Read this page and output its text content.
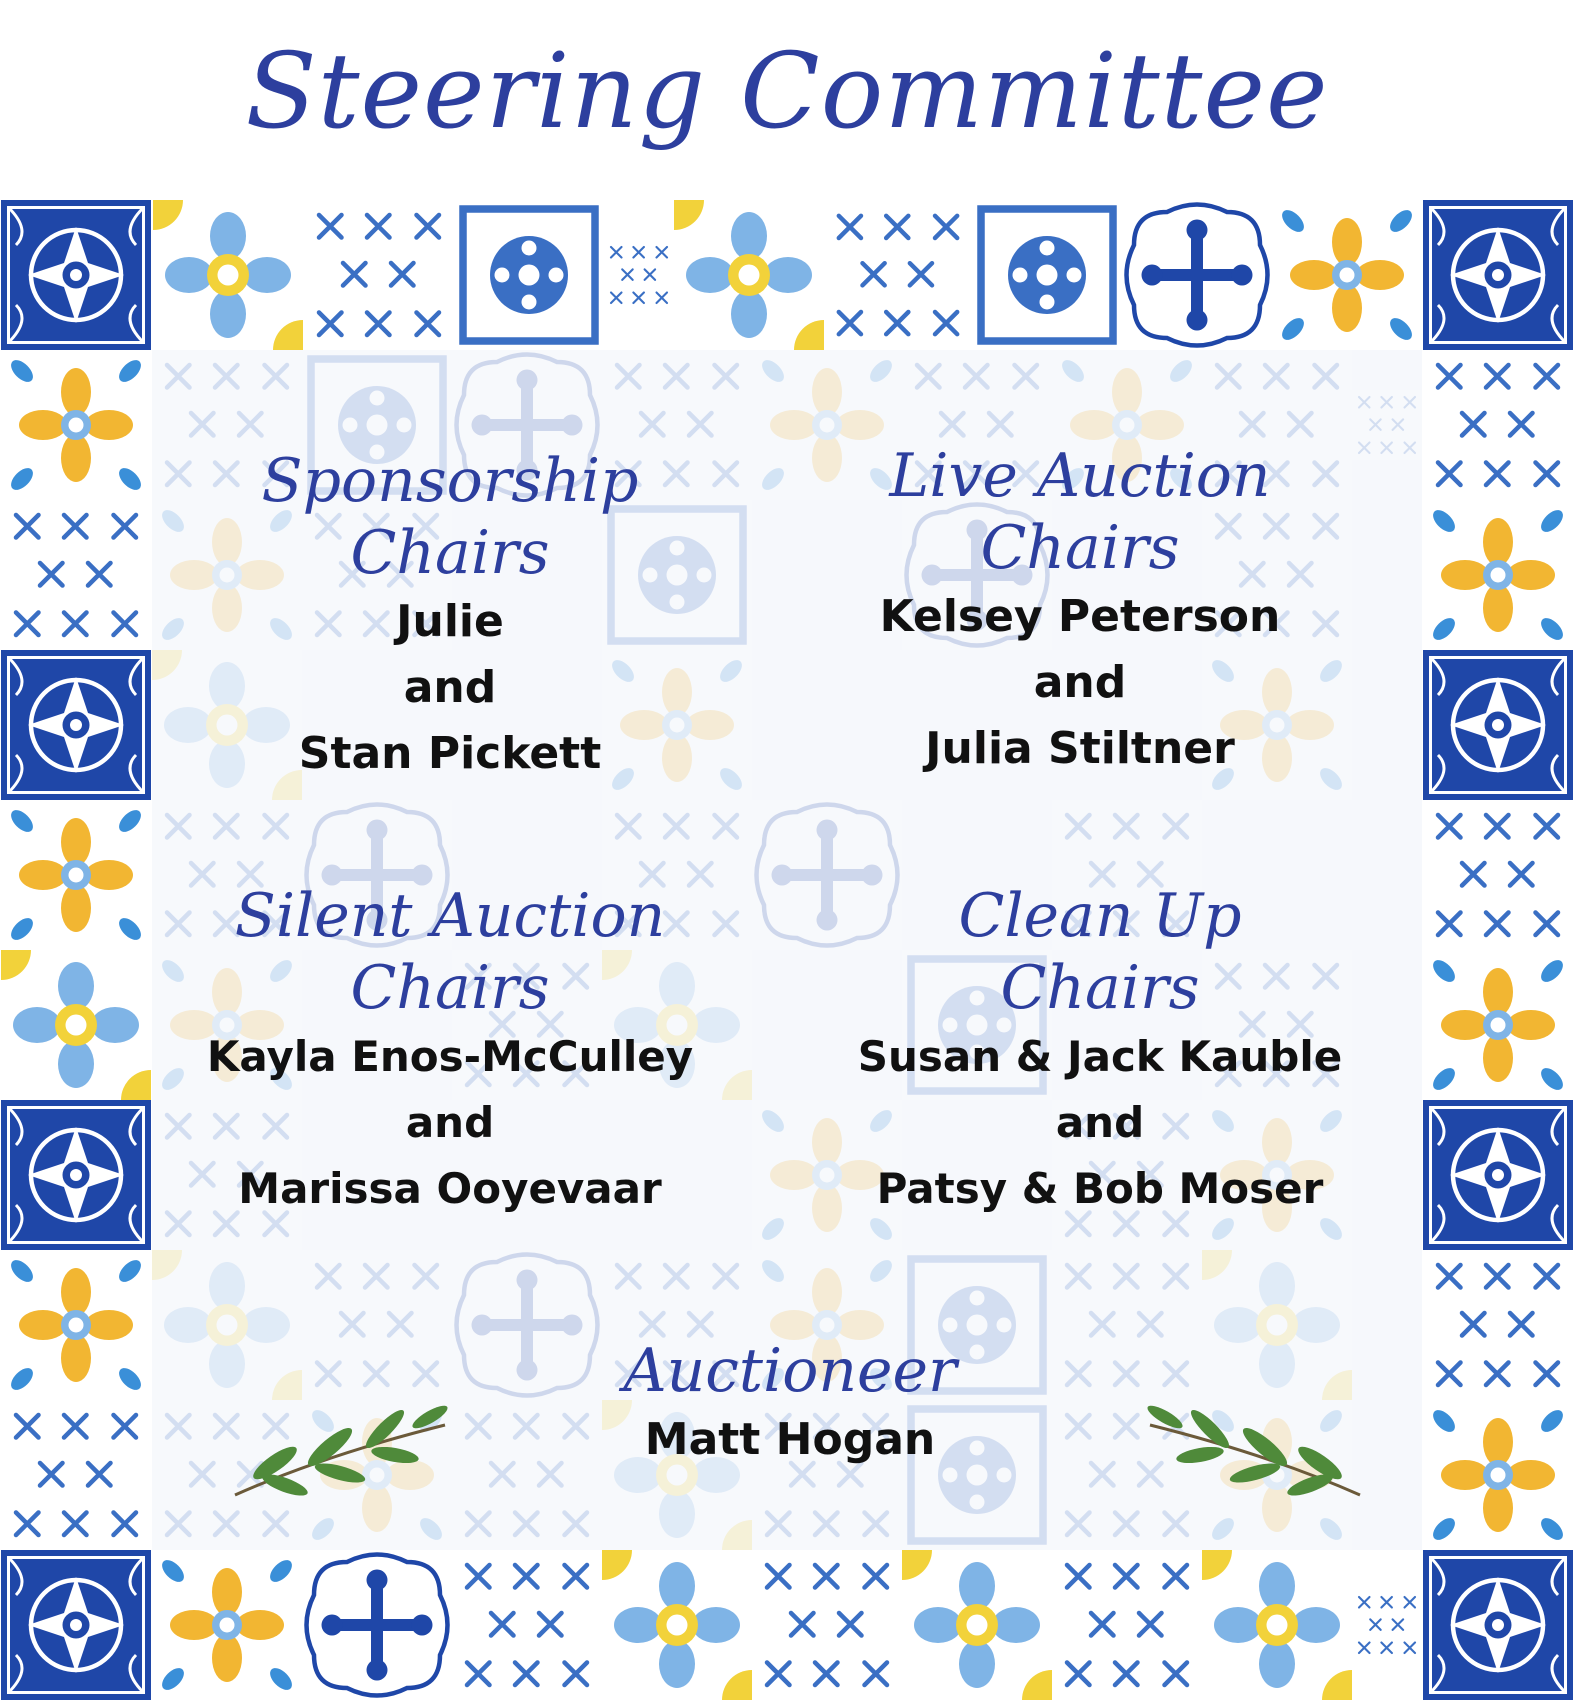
Steering Committee

Sponsorship

Chairs

Julie

and

Stan Pickett

Live Auction

Chairs

Kelsey Peterson

and

Julia Stiltner

Silent Auction

Chairs

Kayla Enos-McCulley

and

Marissa Ooyevaar

Clean Up

Chairs

Susan & Jack Kauble

and

Patsy & Bob Moser

Auctioneer

Matt Hogan
